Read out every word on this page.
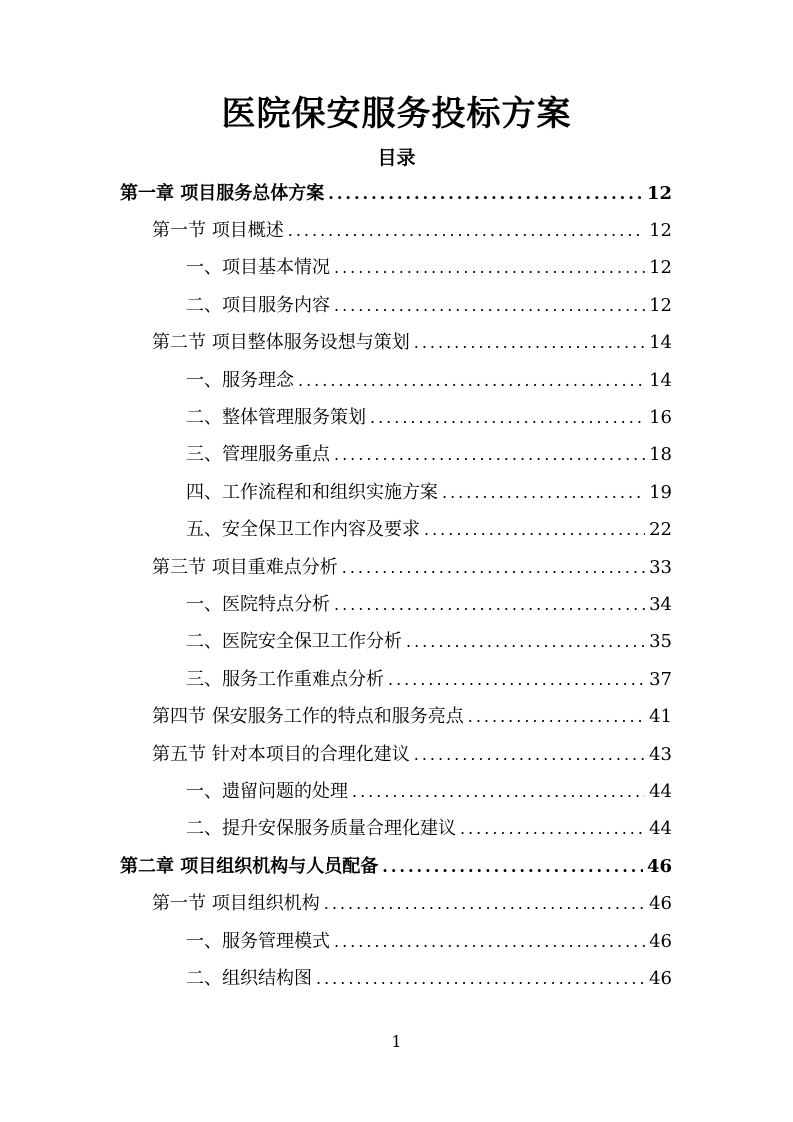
医院保安服务投标方案
目录
第一章 项目服务总体方案 .....	12
第一节 项目概述 .....	12
一、项目基本情况 .....	12
二、项目服务内容 .....	12
第二节 项目整体服务设想与策划 .....	14
一、服务理念 .....	14
二、整体管理服务策划 .....	16
三、管理服务重点 .....	18
四、工作流程和和组织实施方案 .....	19
五、安全保卫工作内容及要求 .....	22
第三节 项目重难点分析 .....	33
一、医院特点分析 .....	34
二、医院安全保卫工作分析 .....	35
三、服务工作重难点分析 .....	37
第四节 保安服务工作的特点和服务亮点 .....	41
第五节 针对本项目的合理化建议 .....	43
一、遗留问题的处理 .....	44
二、提升安保服务质量合理化建议 .....	44
第二章 项目组织机构与人员配备 .....	46
第一节 项目组织机构 .....	46
一、服务管理模式 .....	46
二、组织结构图 .....	46
1
